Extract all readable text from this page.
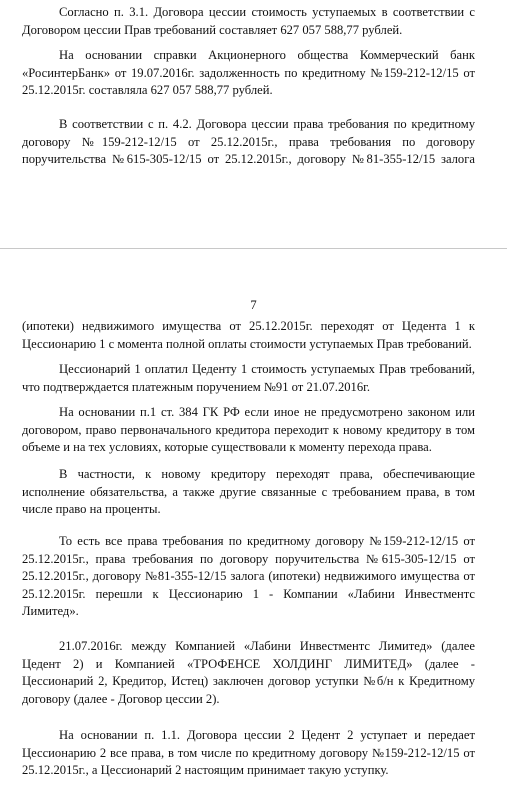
Согласно п. 3.1. Договора цессии стоимость уступаемых в соответствии с Договором цессии Прав требований составляет 627 057 588,77 рублей.

На основании справки Акционерного общества Коммерческий банк «РосинтерБанк» от 19.07.2016г. задолженность по кредитному №159-212-12/15 от 25.12.2015г. составляла 627 057 588,77 рублей.

В соответствии с п. 4.2. Договора цессии права требования по кредитному договору №159-212-12/15 от 25.12.2015г., права требования по договору поручительства №615-305-12/15 от 25.12.2015г., договору №81-355-12/15 залога

7

(ипотеки) недвижимого имущества от 25.12.2015г. переходят от Цедента 1 к Цессионарию 1 с момента полной оплаты стоимости уступаемых Прав требований.

Цессионарий 1 оплатил Цеденту 1 стоимость уступаемых Прав требований, что подтверждается платежным поручением №91 от 21.07.2016г.

На основании п.1 ст. 384 ГК РФ если иное не предусмотрено законом или договором, право первоначального кредитора переходит к новому кредитору в том объеме и на тех условиях, которые существовали к моменту перехода права.

В частности, к новому кредитору переходят права, обеспечивающие исполнение обязательства, а также другие связанные с требованием права, в том числе право на проценты.

То есть все права требования по кредитному договору №159-212-12/15 от 25.12.2015г., права требования по договору поручительства №615-305-12/15 от 25.12.2015г., договору №81-355-12/15 залога (ипотеки) недвижимого имущества от 25.12.2015г. перешли к Цессионарию 1 - Компании «Лабини Инвестментс Лимитед».

21.07.2016г. между Компанией «Лабини Инвестментс Лимитед» (далее Цедент 2) и Компанией «ТРОФЕНСЕ ХОЛДИНГ ЛИМИТЕД» (далее - Цессионарий 2, Кредитор, Истец) заключен договор уступки №б/н к Кредитному договору (далее - Договор цессии 2).

На основании п. 1.1. Договора цессии 2 Цедент 2 уступает и передает Цессионарию 2 все права, в том числе по кредитному договору №159-212-12/15 от 25.12.2015г., а Цессионарий 2 настоящим принимает такую уступку.
